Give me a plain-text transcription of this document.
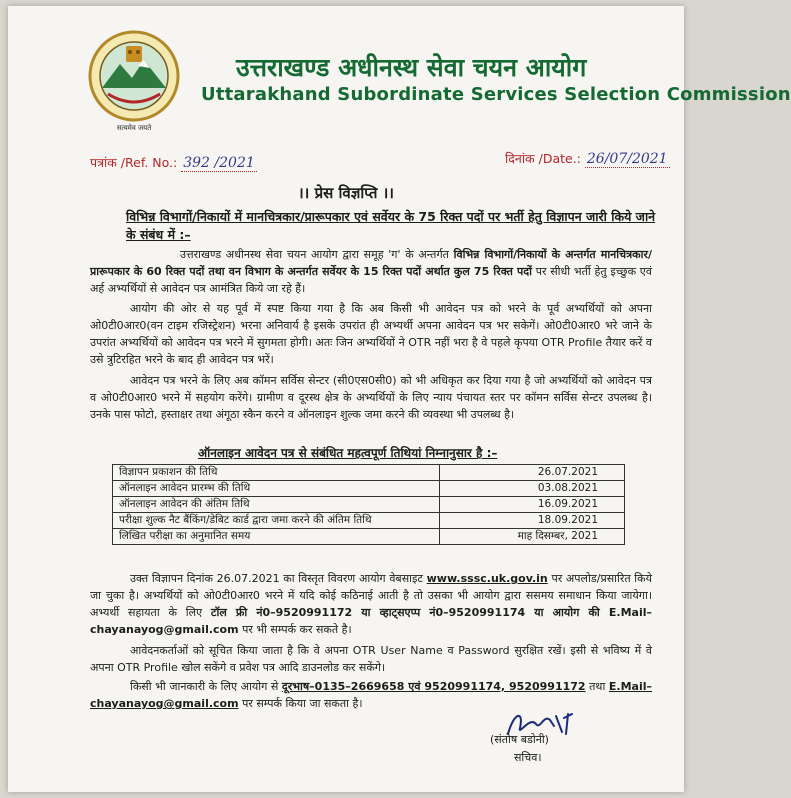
सत्यमेव जयते
उत्तराखण्ड अधीनस्थ सेवा चयन आयोग
Uttarakhand Subordinate Services Selection Commission
पत्रांक /Ref. No.: 392 /2021	दिनांक /Date.: 26/07/2021
।। प्रेस विज्ञप्ति ।।
विभिन्न विभागों/निकायों में मानचित्रकार/प्रारूपकार एवं सर्वेयर के 75 रिक्त पदों पर भर्ती हेतु विज्ञापन जारी किये जाने के संबंध में :–
उत्तराखण्ड अधीनस्थ सेवा चयन आयोग द्वारा समूह 'ग' के अन्तर्गत विभिन्न विभागों/निकायों के अन्तर्गत मानचित्रकार/प्रारूपकार के 60 रिक्त पदों तथा वन विभाग के अन्तर्गत सर्वेयर के 15 रिक्त पदों अर्थात कुल 75 रिक्त पदों पर सीधी भर्ती हेतु इच्छुक एवं अर्ह अभ्यर्थियों से आवेदन पत्र आमंत्रित किये जा रहे हैं।
आयोग की ओर से यह पूर्व में स्पष्ट किया गया है कि अब किसी भी आवेदन पत्र को भरने के पूर्व अभ्यर्थियों को अपना ओ0टी0आर0(वन टाइम रजिस्ट्रेशन) भरना अनिवार्य है इसके उपरांत ही अभ्यर्थी अपना आवेदन पत्र भर सकेगें। ओ0टी0आर0 भरे जाने के उपरांत अभ्यर्थियों को आवेदन पत्र भरने में सुगमता होगी। अतः जिन अभ्यर्थियों ने OTR नहीं भरा है वे पहले कृपया OTR Profile तैयार करें व उसे त्रुटिरहित भरने के बाद ही आवेदन पत्र भरें।
आवेदन पत्र भरने के लिए अब कॉमन सर्विस सेन्टर (सी0एस0सी0) को भी अधिकृत कर दिया गया है जो अभ्यर्थियों को आवेदन पत्र व ओ0टी0आर0 भरने में सहयोग करेंगे। ग्रामीण व दूरस्थ क्षेत्र के अभ्यर्थियों के लिए न्याय पंचायत स्तर पर कॉमन सर्विस सेन्टर उपलब्ध है। उनके पास फोटो, हस्ताक्षर तथा अंगूठा स्कैन करने व ऑनलाइन शुल्क जमा करने की व्यवस्था भी उपलब्ध है।
ऑनलाइन आवेदन पत्र से संबंधित महत्वपूर्ण तिथियां निम्नानुसार है :–
विज्ञापन प्रकाशन की तिथि	26.07.2021
ऑनलाइन आवेदन प्रारम्भ की तिथि	03.08.2021
ऑनलाइन आवेदन की अंतिम तिथि	16.09.2021
परीक्षा शुल्क नैट बैंकिंग/डेबिट कार्ड द्वारा जमा करने की अंतिम तिथि	18.09.2021
लिखित परीक्षा का अनुमानित समय	माह दिसम्बर, 2021
उक्त विज्ञापन दिनांक 26.07.2021 का विस्तृत विवरण आयोग वेबसाइट www.sssc.uk.gov.in पर अपलोड/प्रसारित किये जा चुका है। अभ्यर्थियों को ओ0टी0आर0 भरने में यदि कोई कठिनाई आती है तो उसका भी आयोग द्वारा ससमय समाधान किया जायेगा। अभ्यर्थी सहायता के लिए टॉल फ्री नं0–9520991172 या व्हाट्सएप्प नं0–9520991174 या आयोग की E.Mail–chayanayog@gmail.com पर भी सम्पर्क कर सकते है।
आवेदनकर्ताओं को सूचित किया जाता है कि वे अपना OTR User Name व Password सुरक्षित रखें। इसी से भविष्य में वे अपना OTR Profile खोल सकेंगे व प्रवेश पत्र आदि डाउनलोड कर सकेंगे।
किसी भी जानकारी के लिए आयोग से दूरभाष–0135–2669658 एवं 9520991174, 9520991172 तथा E.Mail–chayanayog@gmail.com पर सम्पर्क किया जा सकता है।
(संतोष बडोनी)
सचिव।
